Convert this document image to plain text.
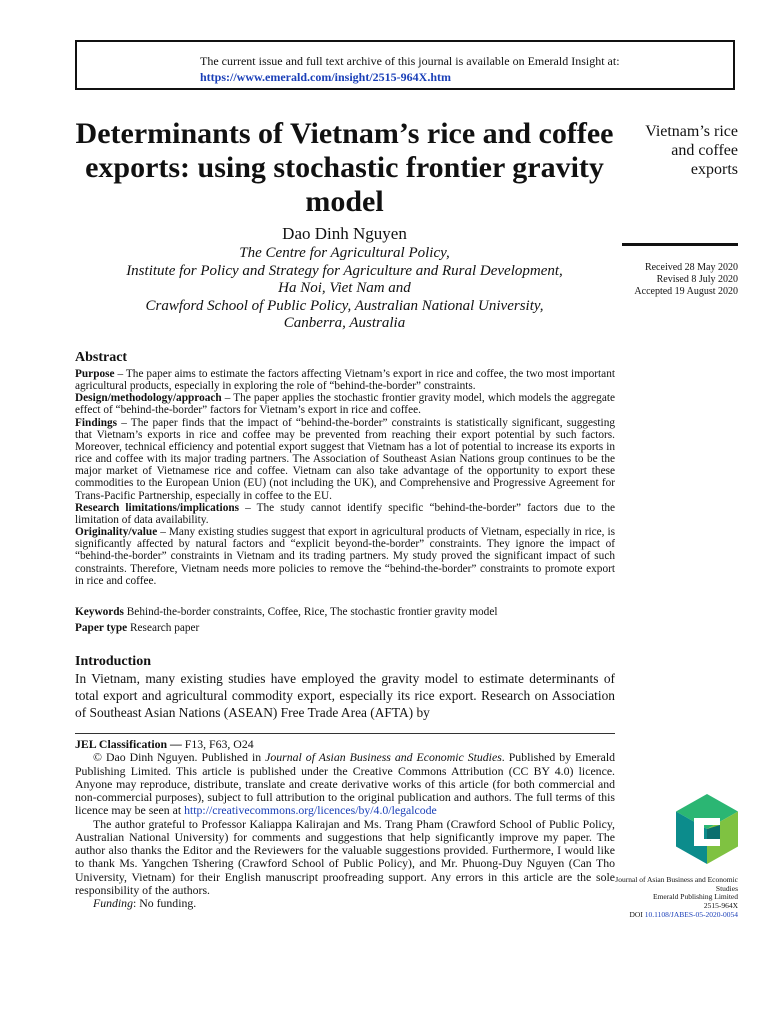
The current issue and full text archive of this journal is available on Emerald Insight at:
https://www.emerald.com/insight/2515-964X.htm
Determinants of Vietnam’s rice and coffee exports: using stochastic frontier gravity model
Dao Dinh Nguyen
The Centre for Agricultural Policy,
Institute for Policy and Strategy for Agriculture and Rural Development,
Ha Noi, Viet Nam and
Crawford School of Public Policy, Australian National University,
Canberra, Australia
Vietnam’s rice
and coffee
exports
Received 28 May 2020
Revised 8 July 2020
Accepted 19 August 2020
Abstract

Purpose – The paper aims to estimate the factors affecting Vietnam’s export in rice and coffee, the two most important agricultural products, especially in exploring the role of “behind-the-border” constraints.

Design/methodology/approach – The paper applies the stochastic frontier gravity model, which models the aggregate effect of “behind-the-border” factors for Vietnam’s export in rice and coffee.

Findings – The paper finds that the impact of “behind-the-border” constraints is statistically significant, suggesting that Vietnam’s exports in rice and coffee may be prevented from reaching their export potential by such factors. Moreover, technical efficiency and potential export suggest that Vietnam has a lot of potential to increase its exports in rice and coffee with its major trading partners. The Association of Southeast Asian Nations group continues to be the major market of Vietnamese rice and coffee. Vietnam can also take advantage of the opportunity to export these commodities to the European Union (EU) (not including the UK), and Comprehensive and Progressive Agreement for Trans-Pacific Partnership, especially in coffee to the EU.

Research limitations/implications – The study cannot identify specific “behind-the-border” factors due to the limitation of data availability.

Originality/value – Many existing studies suggest that export in agricultural products of Vietnam, especially in rice, is significantly affected by natural factors and “explicit beyond-the-border” constraints. They ignore the impact of “behind-the-border” constraints in Vietnam and its trading partners. My study proved the significant impact of such constraints. Therefore, Vietnam needs more policies to remove the “behind-the-border” constraints to promote export in rice and coffee.

Keywords Behind-the-border constraints, Coffee, Rice, The stochastic frontier gravity model
Paper type Research paper
Introduction
In Vietnam, many existing studies have employed the gravity model to estimate determinants of total export and agricultural commodity export, especially its rice export. Research on Association of Southeast Asian Nations (ASEAN) Free Trade Area (AFTA) by

JEL Classification — F13, F63, O24

© Dao Dinh Nguyen. Published in Journal of Asian Business and Economic Studies. Published by Emerald Publishing Limited. This article is published under the Creative Commons Attribution (CC BY 4.0) licence. Anyone may reproduce, distribute, translate and create derivative works of this article (for both commercial and non-commercial purposes), subject to full attribution to the original publication and authors. The full terms of this licence may be seen at http://creativecommons.org/licences/by/4.0/legalcode

The author grateful to Professor Kaliappa Kalirajan and Ms. Trang Pham (Crawford School of Public Policy, Australian National University) for comments and suggestions that help significantly improve my paper. The author also thanks the Editor and the Reviewers for the valuable suggestions provided. Furthermore, I would like to thank Ms. Yangchen Tshering (Crawford School of Public Policy), and Mr. Phuong-Duy Nguyen (Can Tho University, Vietnam) for their English manuscript proofreading support. Any errors in this article are the sole responsibility of the authors.

Funding: No funding.

Journal of Asian Business and Economic Studies
Emerald Publishing Limited
2515-964X
DOI 10.1108/JABES-05-2020-0054
